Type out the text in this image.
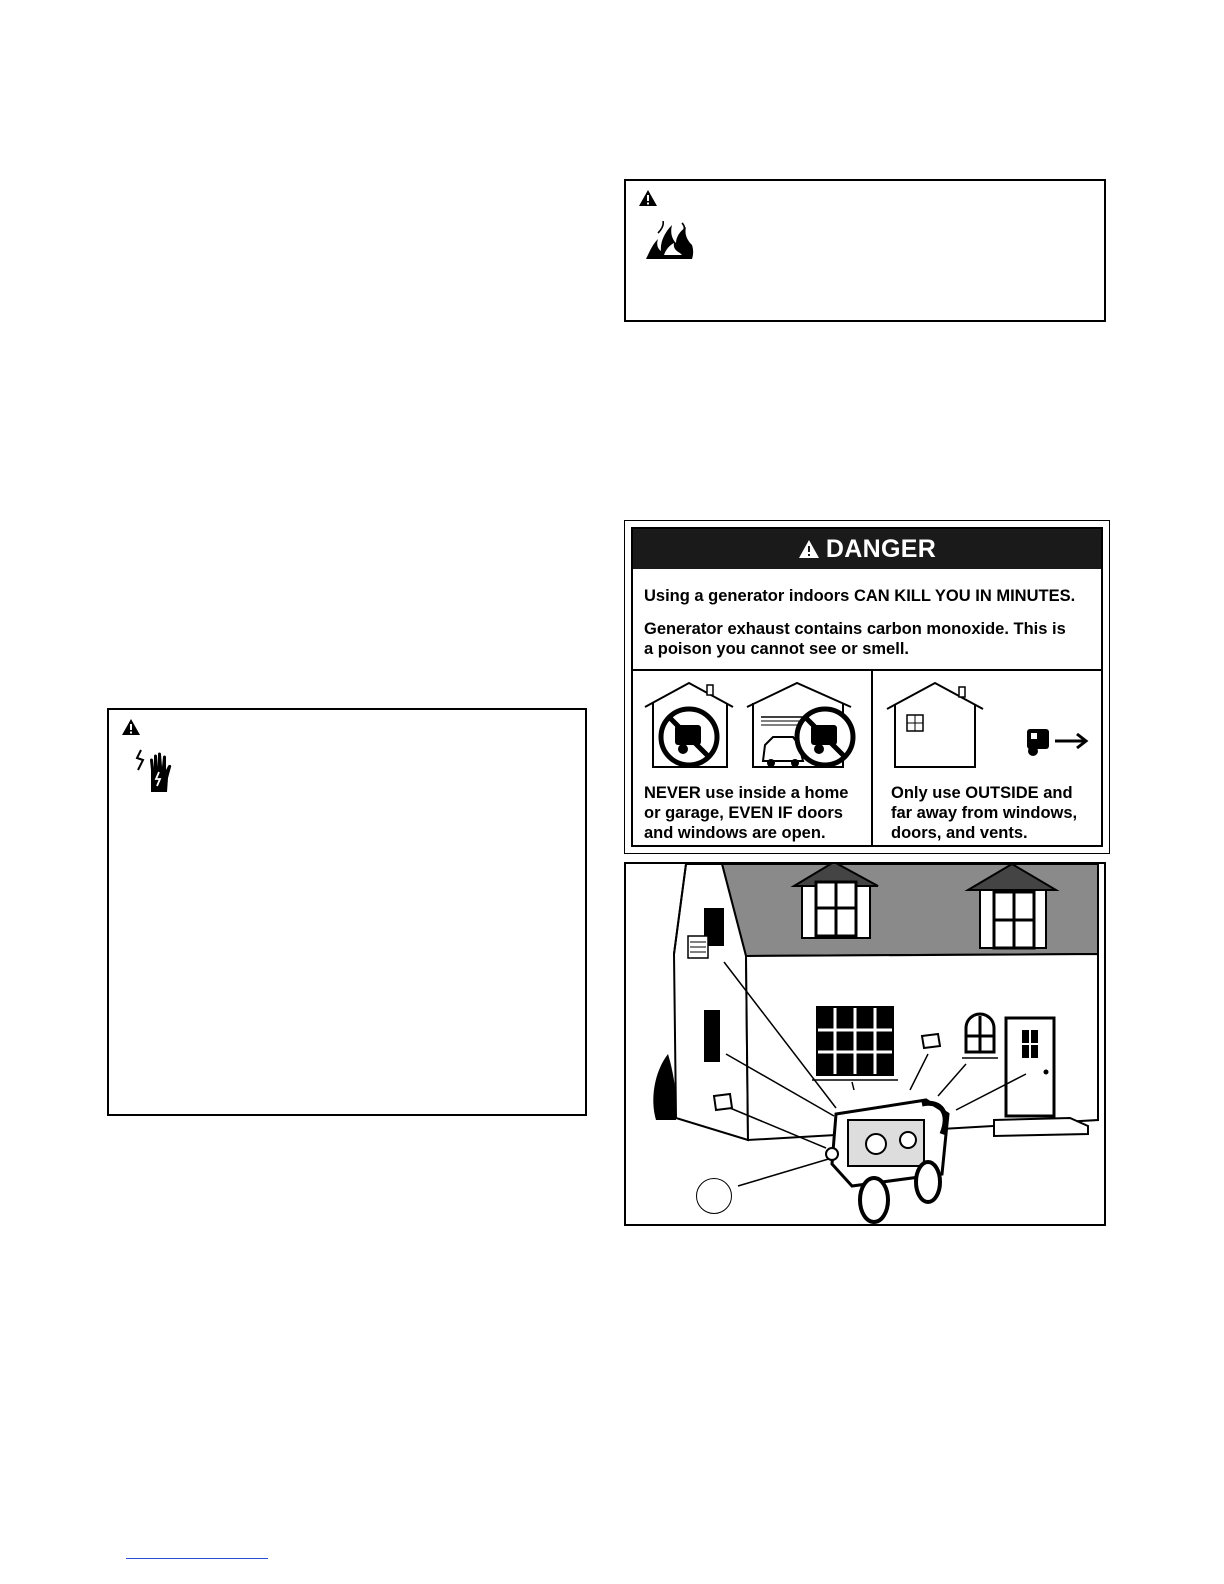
DANGER
Using a generator indoors CAN KILL YOU IN MINUTES.
Generator exhaust contains carbon monoxide. This is
a poison you cannot see or smell.
NEVER use inside a home
or garage, EVEN IF doors
and windows are open.
Only use OUTSIDE and
far away from windows,
doors, and vents.
